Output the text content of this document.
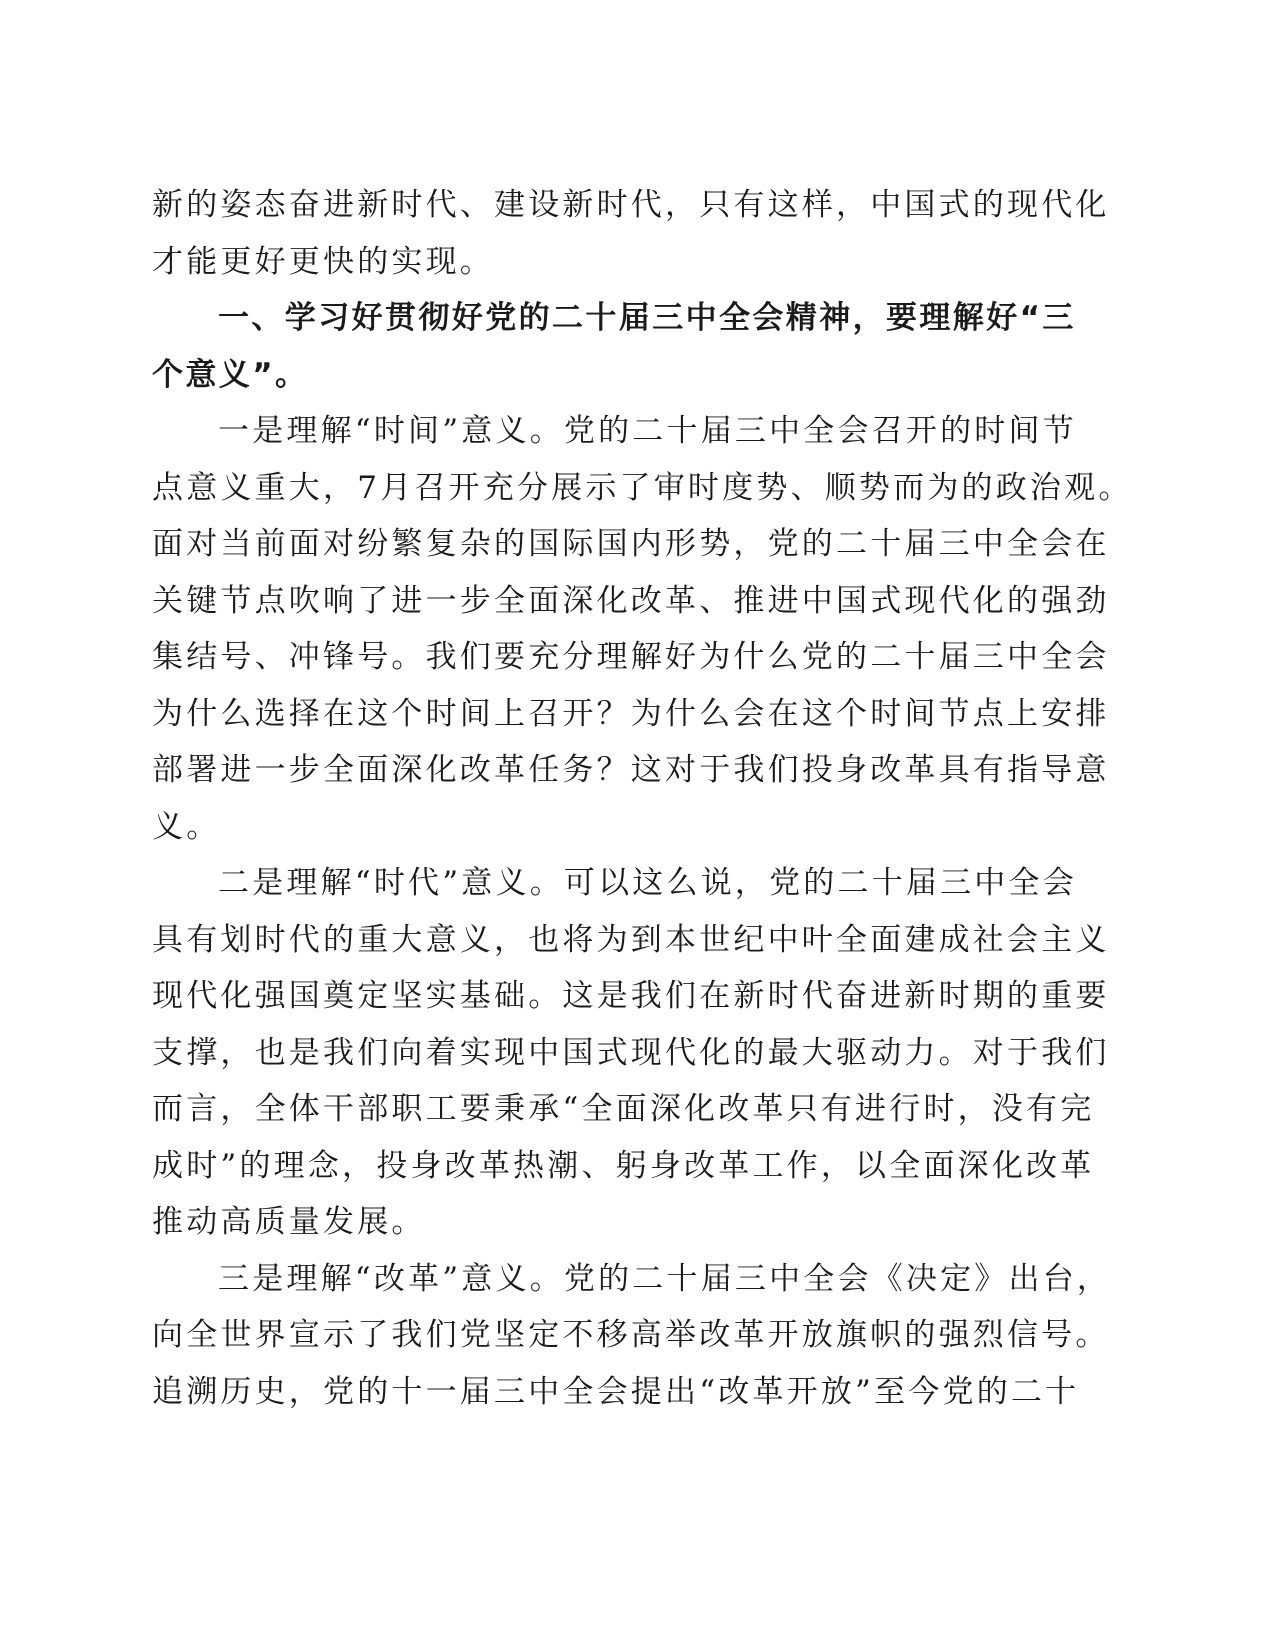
新的姿态奋进新时代、建设新时代，只有这样，中国式的现代化
才能更好更快的实现。
一、学习好贯彻好党的二十届三中全会精神，要理解好“三
个意义”。
一是理解“时间”意义。党的二十届三中全会召开的时间节
点意义重大，7月召开充分展示了审时度势、顺势而为的政治观。
面对当前面对纷繁复杂的国际国内形势，党的二十届三中全会在
关键节点吹响了进一步全面深化改革、推进中国式现代化的强劲
集结号、冲锋号。我们要充分理解好为什么党的二十届三中全会
为什么选择在这个时间上召开？为什么会在这个时间节点上安排
部署进一步全面深化改革任务？这对于我们投身改革具有指导意
义。
二是理解“时代”意义。可以这么说，党的二十届三中全会
具有划时代的重大意义，也将为到本世纪中叶全面建成社会主义
现代化强国奠定坚实基础。这是我们在新时代奋进新时期的重要
支撑，也是我们向着实现中国式现代化的最大驱动力。对于我们
而言，全体干部职工要秉承“全面深化改革只有进行时，没有完
成时”的理念，投身改革热潮、躬身改革工作，以全面深化改革
推动高质量发展。
三是理解“改革”意义。党的二十届三中全会《决定》出台，
向全世界宣示了我们党坚定不移高举改革开放旗帜的强烈信号。
追溯历史，党的十一届三中全会提出“改革开放”至今党的二十
